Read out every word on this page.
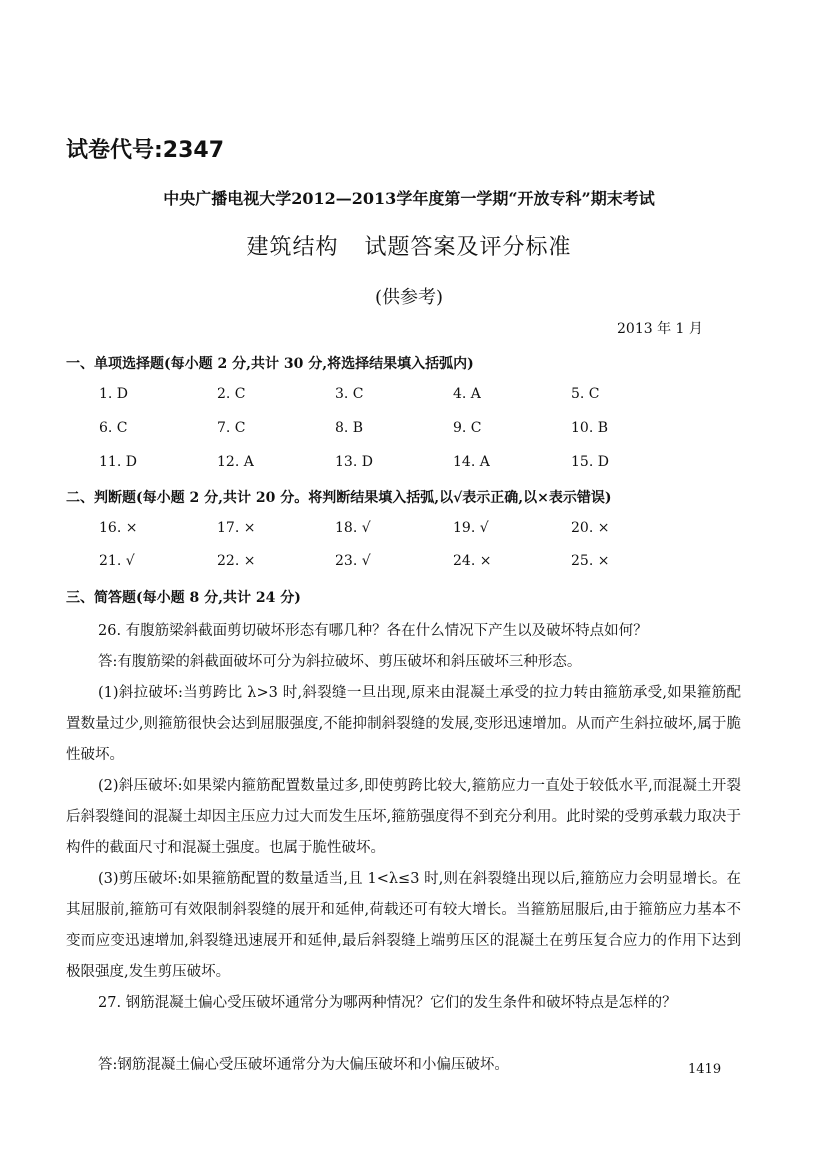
试卷代号:2347
中央广播电视大学2012—2013学年度第一学期“开放专科”期末考试
建筑结构 试题答案及评分标准
(供参考)
2013 年 1 月
一、单项选择题(每小题 2 分,共计 30 分,将选择结果填入括弧内)
1. D	2. C	3. C	4. A	5. C
6. C	7. C	8. B	9. C	10. B
11. D	12. A	13. D	14. A	15. D
二、判断题(每小题 2 分,共计 20 分。将判断结果填入括弧,以√表示正确,以×表示错误)
16. ×	17. ×	18. √	19. √	20. ×
21. √	22. ×	23. √	24. ×	25. ×
三、简答题(每小题 8 分,共计 24 分)
26. 有腹筋梁斜截面剪切破坏形态有哪几种？各在什么情况下产生以及破坏特点如何？
答:有腹筋梁的斜截面破坏可分为斜拉破坏、剪压破坏和斜压破坏三种形态。
(1)斜拉破坏:当剪跨比 λ>3 时,斜裂缝一旦出现,原来由混凝土承受的拉力转由箍筋承受,如果箍筋配置数量过少,则箍筋很快会达到屈服强度,不能抑制斜裂缝的发展,变形迅速增加。从而产生斜拉破坏,属于脆性破坏。
(2)斜压破坏:如果梁内箍筋配置数量过多,即使剪跨比较大,箍筋应力一直处于较低水平,而混凝土开裂后斜裂缝间的混凝土却因主压应力过大而发生压坏,箍筋强度得不到充分利用。此时梁的受剪承载力取决于构件的截面尺寸和混凝土强度。也属于脆性破坏。
(3)剪压破坏:如果箍筋配置的数量适当,且 1<λ≤3 时,则在斜裂缝出现以后,箍筋应力会明显增长。在其屈服前,箍筋可有效限制斜裂缝的展开和延伸,荷载还可有较大增长。当箍筋屈服后,由于箍筋应力基本不变而应变迅速增加,斜裂缝迅速展开和延伸,最后斜裂缝上端剪压区的混凝土在剪压复合应力的作用下达到极限强度,发生剪压破坏。
27. 钢筋混凝土偏心受压破坏通常分为哪两种情况？它们的发生条件和破坏特点是怎样的？
答:钢筋混凝土偏心受压破坏通常分为大偏压破坏和小偏压破坏。	1419
